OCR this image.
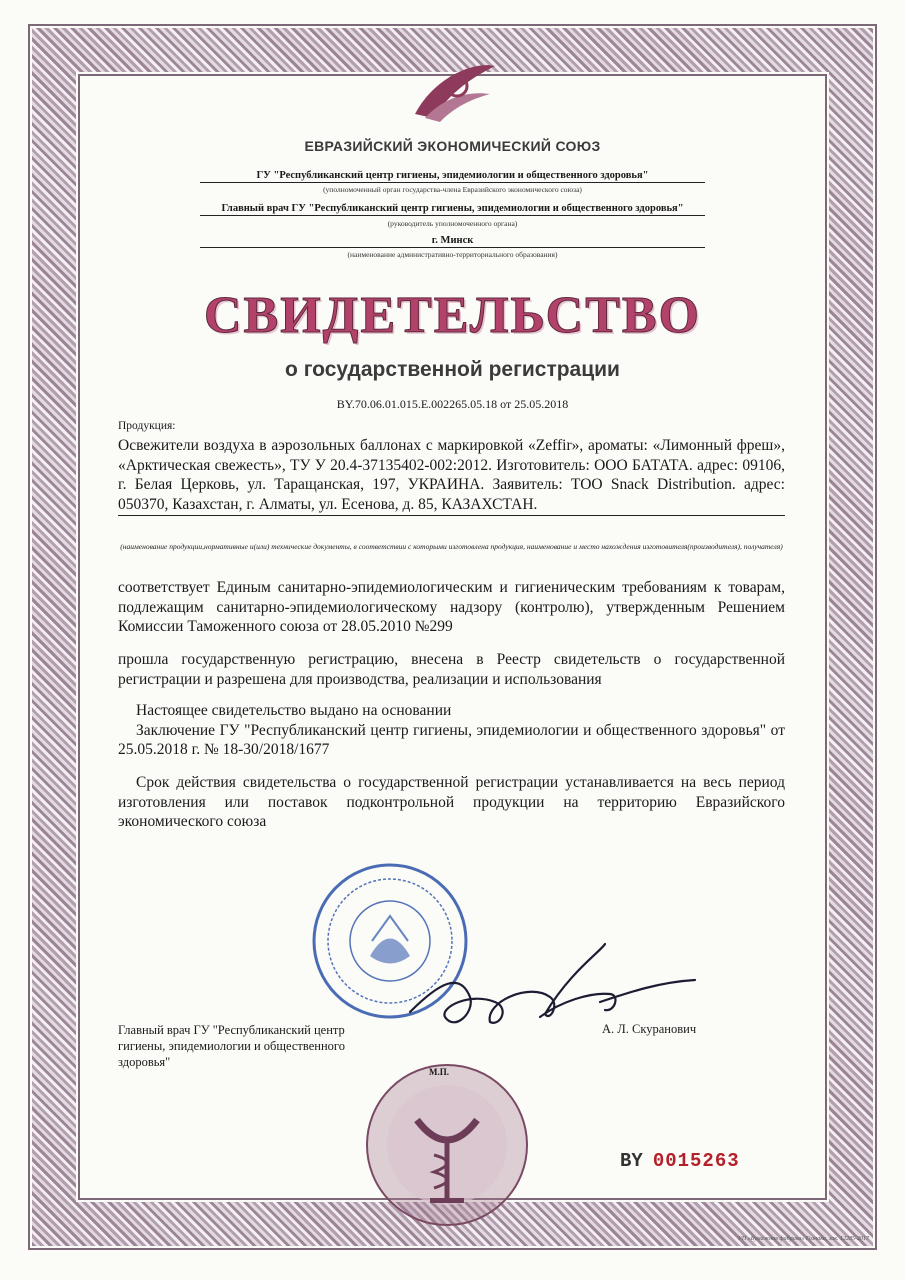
ЕВРАЗИЙСКИЙ ЭКОНОМИЧЕСКИЙ СОЮЗ
ГУ "Республиканский центр гигиены, эпидемиологии и общественного здоровья"
(уполномоченный орган государства-члена Евразийского экономического союза)
Главный врач ГУ "Республиканский центр гигиены, эпидемиологии и общественного здоровья"
(руководитель уполномоченного органа)
г. Минск
(наименование административно-территориального образования)
СВИДЕТЕЛЬСТВО
о государственной регистрации
BY.70.06.01.015.E.002265.05.18 от 25.05.2018
Продукция:
Освежители воздуха в аэрозольных баллонах с маркировкой «Zeffir», ароматы: «Лимонный фреш», «Арктическая свежесть», ТУ У 20.4-37135402-002:2012. Изготовитель: ООО БАТАТА. адрес: 09106, г. Белая Церковь, ул. Таращанская, 197, УКРАИНА. Заявитель: ТОО Snack Distribution. адрес: 050370, Казахстан, г. Алматы, ул. Есенова, д. 85, КАЗАХСТАН.
(наименование продукции,нормативные и(или) технические документы, в соответствии с которыми изготовлена продукция, наименование и место нахождения изготовителя(производителя), получателя)
соответствует Единым санитарно-эпидемиологическим и гигиеническим требованиям к товарам, подлежащим санитарно-эпидемиологическому надзору (контролю), утвержденным Решением Комиссии Таможенного союза от 28.05.2010 №299
прошла государственную регистрацию, внесена в Реестр свидетельств о государственной регистрации и разрешена для производства, реализации и использования
Настоящее свидетельство выдано на основании
Заключение ГУ "Республиканский центр гигиены, эпидемиологии и общественного здоровья" от 25.05.2018 г. № 18-30/2018/1677
Срок действия свидетельства о государственной регистрации устанавливается на весь период изготовления или поставок подконтрольной продукции на территорию Евразийского экономического союза
Главный врач ГУ "Республиканский центр гигиены, эпидемиологии и общественного здоровья"
А. Л. Скуранович
М.П.
BY 0015263
УП «Бумажная фабрика» Гознака, зак. 12285-2017
